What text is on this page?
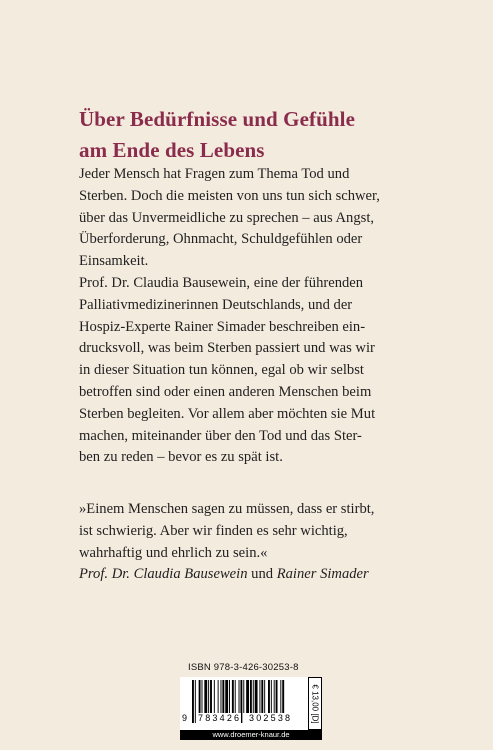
Über Bedürfnisse und Gefühle
am Ende des Lebens
Jeder Mensch hat Fragen zum Thema Tod und
Sterben. Doch die meisten von uns tun sich schwer,
über das Unvermeidliche zu sprechen – aus Angst,
Überforderung, Ohnmacht, Schuldgefühlen oder
Einsamkeit.
Prof. Dr. Claudia Bausewein, eine der führenden
Palliativmedizinerinnen Deutschlands, und der
Hospiz-Experte Rainer Simader beschreiben ein-
drucksvoll, was beim Sterben passiert und was wir
in dieser Situation tun können, egal ob wir selbst
betroffen sind oder einen anderen Menschen beim
Sterben begleiten. Vor allem aber möchten sie Mut
machen, miteinander über den Tod und das Ster-
ben zu reden – bevor es zu spät ist.
»Einem Menschen sagen zu müssen, dass er stirbt,
ist schwierig. Aber wir finden es sehr wichtig,
wahrhaftig und ehrlich zu sein.«
Prof. Dr. Claudia Bausewein und Rainer Simader
ISBN 978-3-426-30253-8
9 783426 302538 € 13,00 [D]
www.droemer-knaur.de
